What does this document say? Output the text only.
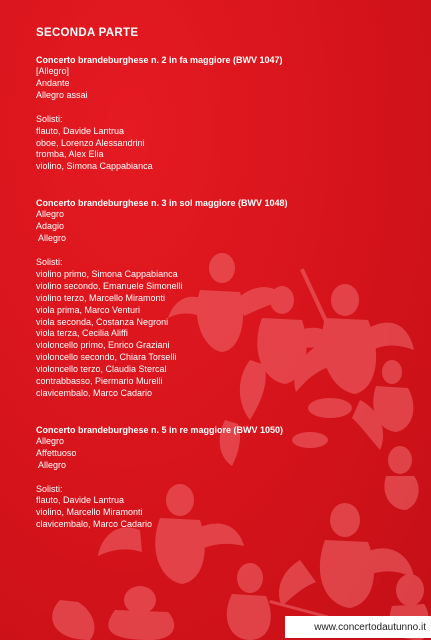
SECONDA PARTE
Concerto brandeburghese n. 2 in fa maggiore (BWV 1047)
[Allegro]
Andante
Allegro assai
Solisti:
flauto, Davide Lantrua
oboe, Lorenzo Alessandrini
tromba, Alex Elia
violino, Simona Cappabianca
Concerto brandeburghese n. 3 in sol maggiore (BWV 1048)
Allegro
Adagio
Allegro
Solisti:
violino primo, Simona Cappabianca
violino secondo, Emanuele Simonelli
violino terzo, Marcello Miramonti
viola prima, Marco Venturi
viola seconda, Costanza Negroni
viola terza, Cecilia Aliffi
violoncello primo, Enrico Graziani
violoncello secondo, Chiara Torselli
violoncello terzo, Claudia Stercal
contrabbasso, Piermario Murelli
clavicembalo, Marco Cadario
Concerto brandeburghese n. 5 in re maggiore (BWV 1050)
Allegro
Affettuoso
Allegro
Solisti:
flauto, Davide Lantrua
violino, Marcello Miramonti
clavicembalo, Marco Cadario
www.concertodautunno.it
